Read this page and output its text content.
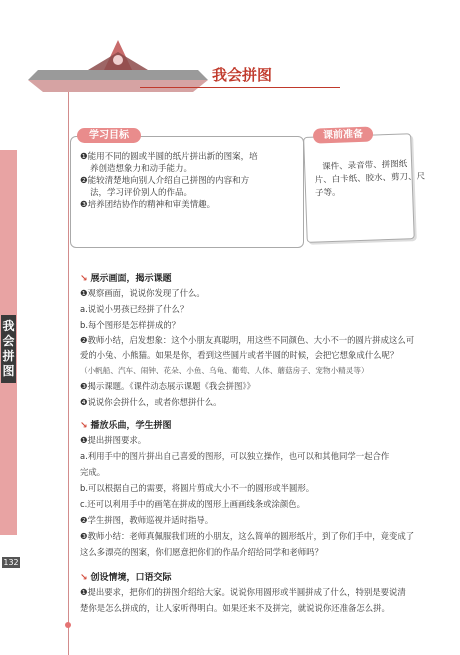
我会拼图
132
我会拼图
学习目标
❶能用不同的圆或半圆的纸片拼出新的图案，培
养创造想象力和动手能力。
❷能较清楚地向别人介绍自己拼图的内容和方
法，学习评价别人的作品。
❸培养团结协作的精神和审美情趣。
课前准备
课件、录音带、拼图纸
片、白卡纸、胶水、剪刀、尺
子等。
↘ 展示画面，揭示课题
❶观察画面，说说你发现了什么。
a.说说小男孩已经拼了什么？
b.每个图形是怎样拼成的？
❷教师小结，启发想象：这个小朋友真聪明，用这些不同颜色、大小不一的圆片拼成这么可
爱的小兔、小熊猫。如果是你，看到这些圆片或者半圆的时候，会把它想象成什么呢？
（小帆船、汽车、闹钟、花朵、小鱼、乌龟、葡萄、人体、蘑菇房子、宠物小精灵等）
❸揭示课题。《课件动态展示课题《我会拼图》》
❹说说你会拼什么，或者你想拼什么。
↘ 播放乐曲，学生拼图
❶提出拼图要求。
a.利用手中的图片拼出自己喜爱的图形，可以独立操作，也可以和其他同学一起合作
完成。
b.可以根据自己的需要，将圆片剪成大小不一的圆形或半圆形。
c.还可以利用手中的画笔在拼成的图形上画画线条或涂颜色。
❷学生拼图，教师巡视并适时指导。
❸教师小结：老师真佩服我们班的小朋友，这么简单的圆形纸片，到了你们手中，竟变成了
这么多漂亮的图案，你们愿意把你们的作品介绍给同学和老师吗？
↘ 创设情境，口语交际
❶提出要求，把你们的拼图介绍给大家。说说你用圆形或半圆拼成了什么，特别是要说清
楚你是怎么拼成的，让人家听得明白。如果还来不及拼完，就说说你还准备怎么拼。
